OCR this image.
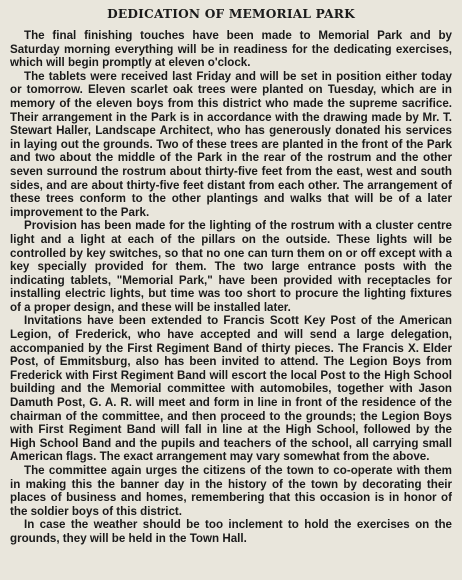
DEDICATION OF MEMORIAL PARK

The final finishing touches have been made to Memorial Park and by Saturday morning everything will be in readiness for the dedicating exercises, which will begin promptly at eleven o'clock.

The tablets were received last Friday and will be set in position either today or tomorrow. Eleven scarlet oak trees were planted on Tuesday, which are in memory of the eleven boys from this district who made the supreme sacrifice. Their arrangement in the Park is in accordance with the drawing made by Mr. T. Stewart Haller, Landscape Architect, who has generously donated his services in laying out the grounds. Two of these trees are planted in the front of the Park and two about the middle of the Park in the rear of the rostrum and the other seven surround the rostrum about thirty-five feet from the east, west and south sides, and are about thirty-five feet distant from each other. The arrangement of these trees conform to the other plantings and walks that will be of a later improvement to the Park.

Provision has been made for the lighting of the rostrum with a cluster centre light and a light at each of the pillars on the outside. These lights will be controlled by key switches, so that no one can turn them on or off except with a key specially provided for them. The two large entrance posts with the indicating tablets, "Memorial Park," have been provided with receptacles for installing electric lights, but time was too short to procure the lighting fixtures of a proper design, and these will be installed later.

Invitations have been extended to Francis Scott Key Post of the American Legion, of Frederick, who have accepted and will send a large delegation, accompanied by the First Regiment Band of thirty pieces. The Francis X. Elder Post, of Emmitsburg, also has been invited to attend. The Legion Boys from Frederick with First Regiment Band will escort the local Post to the High School building and the Memorial committee with automobiles, together with Jason Damuth Post, G. A. R. will meet and form in line in front of the residence of the chairman of the committee, and then proceed to the grounds; the Legion Boys with First Regiment Band will fall in line at the High School, followed by the High School Band and the pupils and teachers of the school, all carrying small American flags. The exact arrangement may vary somewhat from the above.

The committee again urges the citizens of the town to co-operate with them in making this the banner day in the history of the town by decorating their places of business and homes, remembering that this occasion is in honor of the soldier boys of this district.

In case the weather should be too inclement to hold the exercises on the grounds, they will be held in the Town Hall.
